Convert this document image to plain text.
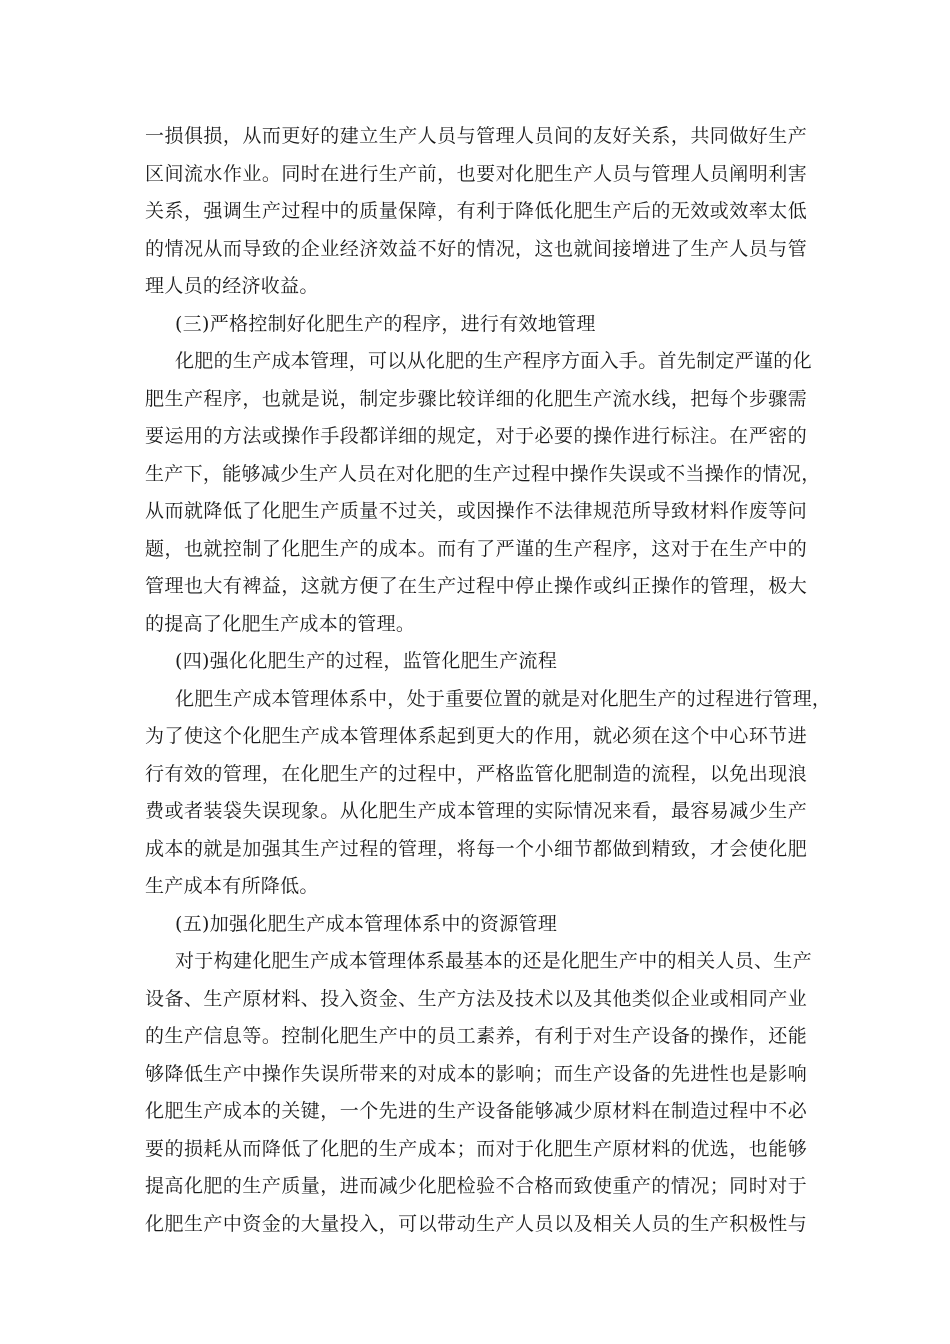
一损俱损，从而更好的建立生产人员与管理人员间的友好关系，共同做好生产
区间流水作业。同时在进行生产前，也要对化肥生产人员与管理人员阐明利害
关系，强调生产过程中的质量保障，有利于降低化肥生产后的无效或效率太低
的情况从而导致的企业经济效益不好的情况，这也就间接增进了生产人员与管
理人员的经济收益。
(三)严格控制好化肥生产的程序，进行有效地管理
化肥的生产成本管理，可以从化肥的生产程序方面入手。首先制定严谨的化
肥生产程序，也就是说，制定步骤比较详细的化肥生产流水线，把每个步骤需
要运用的方法或操作手段都详细的规定，对于必要的操作进行标注。在严密的
生产下，能够减少生产人员在对化肥的生产过程中操作失误或不当操作的情况，
从而就降低了化肥生产质量不过关，或因操作不法律规范所导致材料作废等问
题，也就控制了化肥生产的成本。而有了严谨的生产程序，这对于在生产中的
管理也大有裨益，这就方便了在生产过程中停止操作或纠正操作的管理，极大
的提高了化肥生产成本的管理。
(四)强化化肥生产的过程，监管化肥生产流程
化肥生产成本管理体系中，处于重要位置的就是对化肥生产的过程进行管理，
为了使这个化肥生产成本管理体系起到更大的作用，就必须在这个中心环节进
行有效的管理，在化肥生产的过程中，严格监管化肥制造的流程，以免出现浪
费或者装袋失误现象。从化肥生产成本管理的实际情况来看，最容易减少生产
成本的就是加强其生产过程的管理，将每一个小细节都做到精致，才会使化肥
生产成本有所降低。
(五)加强化肥生产成本管理体系中的资源管理
对于构建化肥生产成本管理体系最基本的还是化肥生产中的相关人员、生产
设备、生产原材料、投入资金、生产方法及技术以及其他类似企业或相同产业
的生产信息等。控制化肥生产中的员工素养，有利于对生产设备的操作，还能
够降低生产中操作失误所带来的对成本的影响；而生产设备的先进性也是影响
化肥生产成本的关键，一个先进的生产设备能够减少原材料在制造过程中不必
要的损耗从而降低了化肥的生产成本；而对于化肥生产原材料的优选，也能够
提高化肥的生产质量，进而减少化肥检验不合格而致使重产的情况；同时对于
化肥生产中资金的大量投入，可以带动生产人员以及相关人员的生产积极性与
